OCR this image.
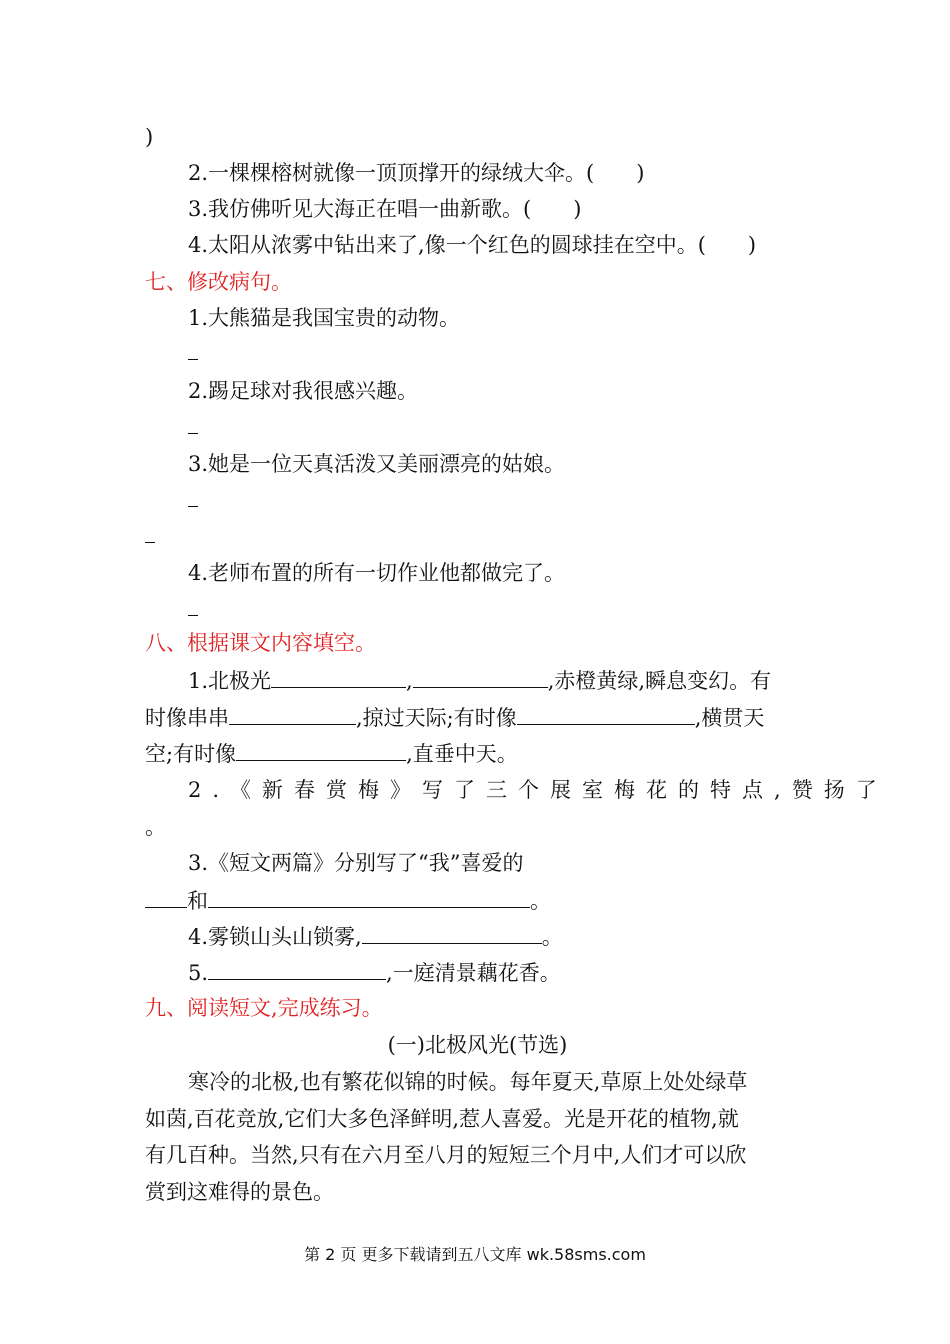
)
2.一棵棵榕树就像一顶顶撑开的绿绒大伞。(　　)
3.我仿佛听见大海正在唱一曲新歌。(　　)
4.太阳从浓雾中钻出来了,像一个红色的圆球挂在空中。(　　)
七、修改病句。
1.大熊猫是我国宝贵的动物。
2.踢足球对我很感兴趣。
3.她是一位天真活泼又美丽漂亮的姑娘。
4.老师布置的所有一切作业他都做完了。
八、根据课文内容填空。
1.北极光	,	,赤橙黄绿,瞬息变幻。有
时像串串	,掠过天际;有时像	,横贯天
空;有时像	,直垂中天。
2.《新春赏梅》写了三个展室梅花的特点,赞扬了
。
3.《短文两篇》分别写了“我”喜爱的
和	。
4.雾锁山头山锁雾,	。
5.	,一庭清景藕花香。
九、阅读短文,完成练习。
(一)北极风光(节选)
寒冷的北极,也有繁花似锦的时候。每年夏天,草原上处处绿草
如茵,百花竞放,它们大多色泽鲜明,惹人喜爱。光是开花的植物,就
有几百种。当然,只有在六月至八月的短短三个月中,人们才可以欣
赏到这难得的景色。
第 2 页 更多下载请到五八文库 wk.58sms.com
